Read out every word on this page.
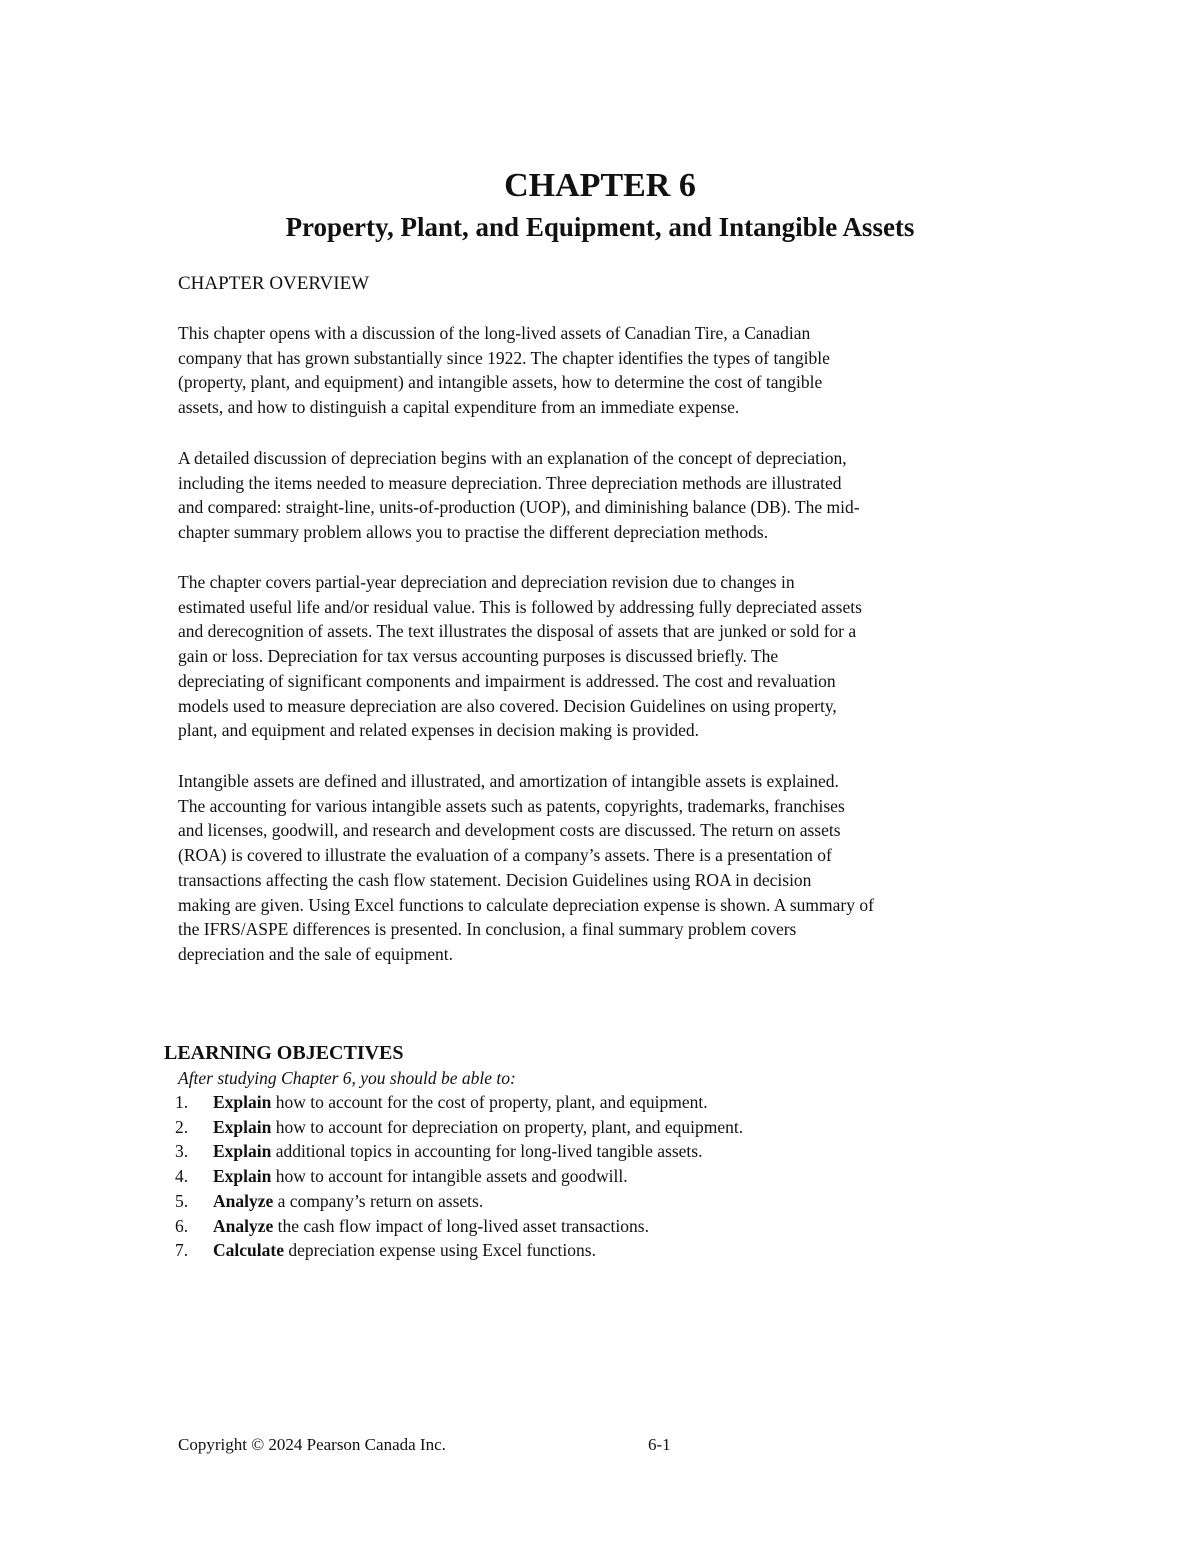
CHAPTER 6
Property, Plant, and Equipment, and Intangible Assets
CHAPTER OVERVIEW
This chapter opens with a discussion of the long-lived assets of Canadian Tire, a Canadian
company that has grown substantially since 1922. The chapter identifies the types of tangible
(property, plant, and equipment) and intangible assets, how to determine the cost of tangible
assets, and how to distinguish a capital expenditure from an immediate expense.
A detailed discussion of depreciation begins with an explanation of the concept of depreciation,
including the items needed to measure depreciation. Three depreciation methods are illustrated
and compared: straight-line, units-of-production (UOP), and diminishing balance (DB). The mid-
chapter summary problem allows you to practise the different depreciation methods.
The chapter covers partial-year depreciation and depreciation revision due to changes in
estimated useful life and/or residual value. This is followed by addressing fully depreciated assets
and derecognition of assets. The text illustrates the disposal of assets that are junked or sold for a
gain or loss. Depreciation for tax versus accounting purposes is discussed briefly. The
depreciating of significant components and impairment is addressed. The cost and revaluation
models used to measure depreciation are also covered. Decision Guidelines on using property,
plant, and equipment and related expenses in decision making is provided.
Intangible assets are defined and illustrated, and amortization of intangible assets is explained.
The accounting for various intangible assets such as patents, copyrights, trademarks, franchises
and licenses, goodwill, and research and development costs are discussed. The return on assets
(ROA) is covered to illustrate the evaluation of a company’s assets. There is a presentation of
transactions affecting the cash flow statement. Decision Guidelines using ROA in decision
making are given. Using Excel functions to calculate depreciation expense is shown. A summary of
the IFRS/ASPE differences is presented. In conclusion, a final summary problem covers
depreciation and the sale of equipment.
LEARNING OBJECTIVES
After studying Chapter 6, you should be able to:
1. Explain how to account for the cost of property, plant, and equipment.
2. Explain how to account for depreciation on property, plant, and equipment.
3. Explain additional topics in accounting for long-lived tangible assets.
4. Explain how to account for intangible assets and goodwill.
5. Analyze a company’s return on assets.
6. Analyze the cash flow impact of long-lived asset transactions.
7. Calculate depreciation expense using Excel functions.
Copyright © 2024 Pearson Canada Inc.	6-1
